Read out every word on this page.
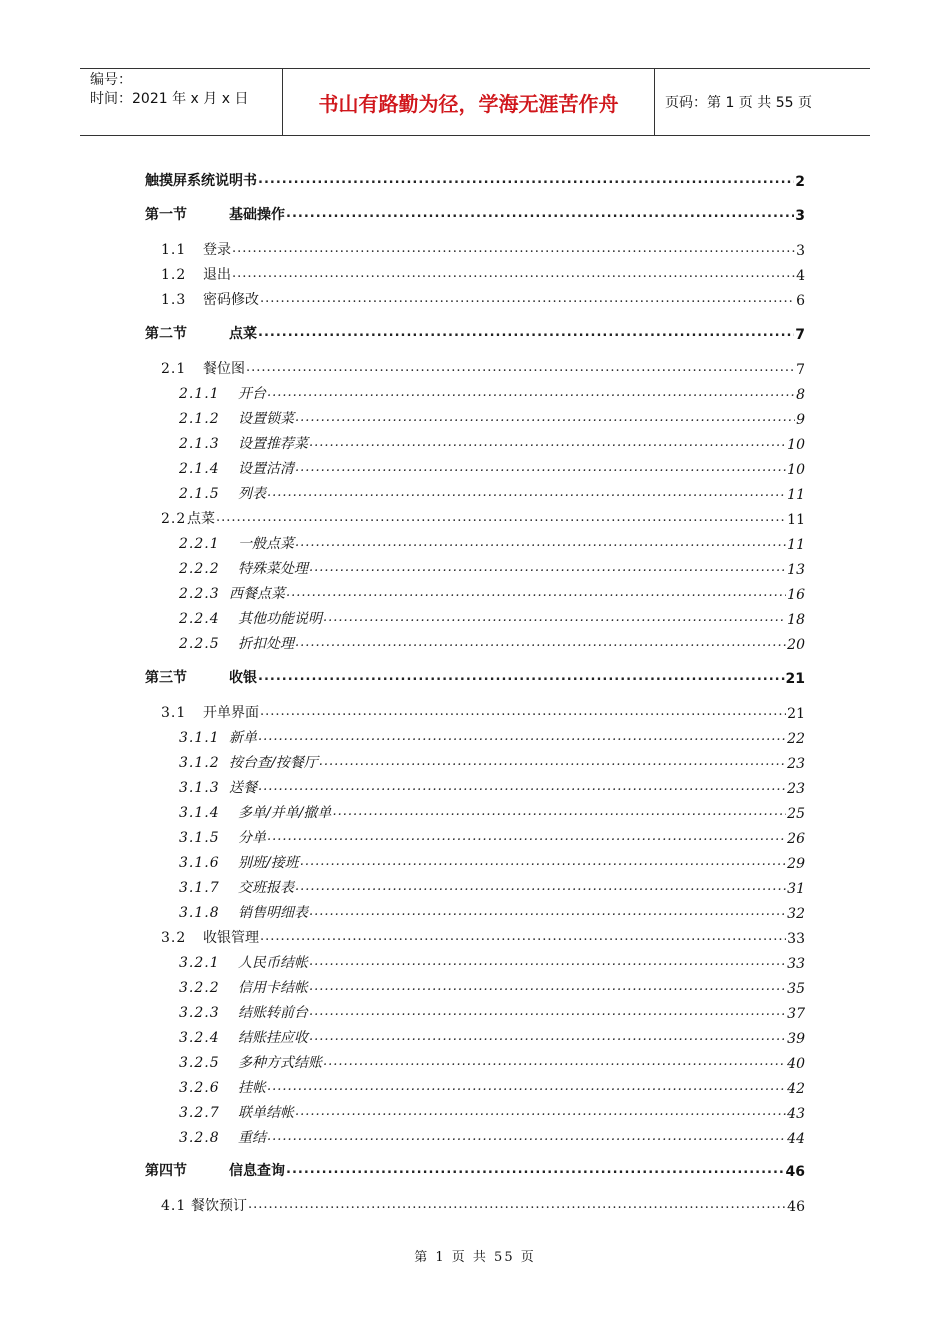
编号：
时间：2021 年 x 月 x 日	书山有路勤为径，学海无涯苦作舟	页码：第 1 页 共 55 页
触摸屏系统说明书 .....	2
第一节	基础操作 .....	3
1.1 登录 .....	3
1.2 退出 .....	4
1.3 密码修改 .....	6
第二节	点菜 .....	7
2.1 餐位图 .....	7
2.1.1 开台 .....	8
2.1.2 设置锁菜 .....	9
2.1.3 设置推荐菜 .....	10
2.1.4 设置沽清 .....	10
2.1.5 列表 .....	11
2.2点菜 .....	11
2.2.1 一般点菜 .....	11
2.2.2 特殊菜处理 .....	13
2.2.3 西餐点菜 .....	16
2.2.4 其他功能说明 .....	18
2.2.5 折扣处理 .....	20
第三节	收银 .....	21
3.1 开单界面 .....	21
3.1.1 新单 .....	22
3.1.2 按台查/按餐厅 .....	23
3.1.3 送餐 .....	23
3.1.4 多单/并单/撤单 .....	25
3.1.5 分单 .....	26
3.1.6 别班/接班 .....	29
3.1.7 交班报表 .....	31
3.1.8 销售明细表 .....	32
3.2 收银管理 .....	33
3.2.1 人民币结帐 .....	33
3.2.2 信用卡结帐 .....	35
3.2.3 结账转前台 .....	37
3.2.4 结账挂应收 .....	39
3.2.5 多种方式结账 .....	40
3.2.6 挂帐 .....	42
3.2.7 联单结帐 .....	43
3.2.8 重结 .....	44
第四节	信息查询 .....	46
4.1 餐饮预订 .....	46
第 1 页 共 55 页
